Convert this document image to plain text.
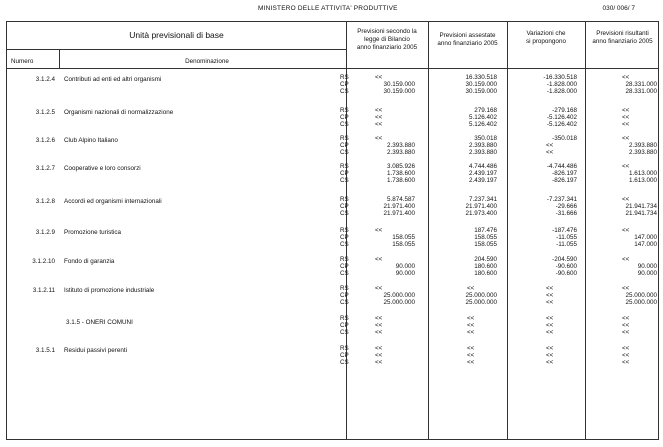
MINISTERO DELLE ATTIVITA' PRODUTTIVE	030/ 006/ 7
Unità previsionali di base
Numero	Denominazione
Previsioni secondo la
legge di Bilancio
anno finanziario 2005
Previsioni assestate
anno finanziario 2005
Variazioni che
si propongono
Previsioni risultanti
anno finanziario 2005
3.1.2.4 Contributi ad enti ed altri organismi	RS	<<	16.330.518	-16.330.518	<<
CP	30.159.000	30.159.000	-1.828.000	28.331.000
CS	30.159.000	30.159.000	-1.828.000	28.331.000
3.1.2.5 Organismi nazionali di normalizzazione	RS	<<	279.168	-279.168	<<
CP	<<	5.126.402	-5.126.402	<<
CS	<<	5.126.402	-5.126.402	<<
3.1.2.6 Club Alpino Italiano	RS	<<	350.018	-350.018	<<
CP	2.393.880	2.393.880	<<	2.393.880
CS	2.393.880	2.393.880	<<	2.393.880
3.1.2.7 Cooperative e loro consorzi	RS	3.085.926	4.744.486	-4.744.486	<<
CP	1.738.600	2.439.197	-826.197	1.613.000
CS	1.738.600	2.439.197	-826.197	1.613.000
3.1.2.8 Accordi ed organismi internazionali	RS	5.874.587	7.237.341	-7.237.341	<<
CP	21.971.400	21.971.400	-29.666	21.941.734
CS	21.971.400	21.973.400	-31.666	21.941.734
3.1.2.9 Promozione turistica	RS	<<	187.476	-187.476	<<
CP	158.055	158.055	-11.055	147.000
CS	158.055	158.055	-11.055	147.000
3.1.2.10 Fondo di garanzia	RS	<<	204.590	-204.590	<<
CP	90.000	180.600	-90.600	90.000
CS	90.000	180.600	-90.600	90.000
3.1.2.11 Istituto di promozione industriale	RS	<<	<<	<<	<<
CP	25.000.000	25.000.000	<<	25.000.000
CS	25.000.000	25.000.000	<<	25.000.000
3.1.5 - ONERI COMUNI
RS	<<	<<	<<	<<
CP	<<	<<	<<	<<
CS	<<	<<	<<	<<
3.1.5.1 Residui passivi perenti	RS	<<	<<	<<	<<
CP	<<	<<	<<	<<
CS	<<	<<	<<	<<
